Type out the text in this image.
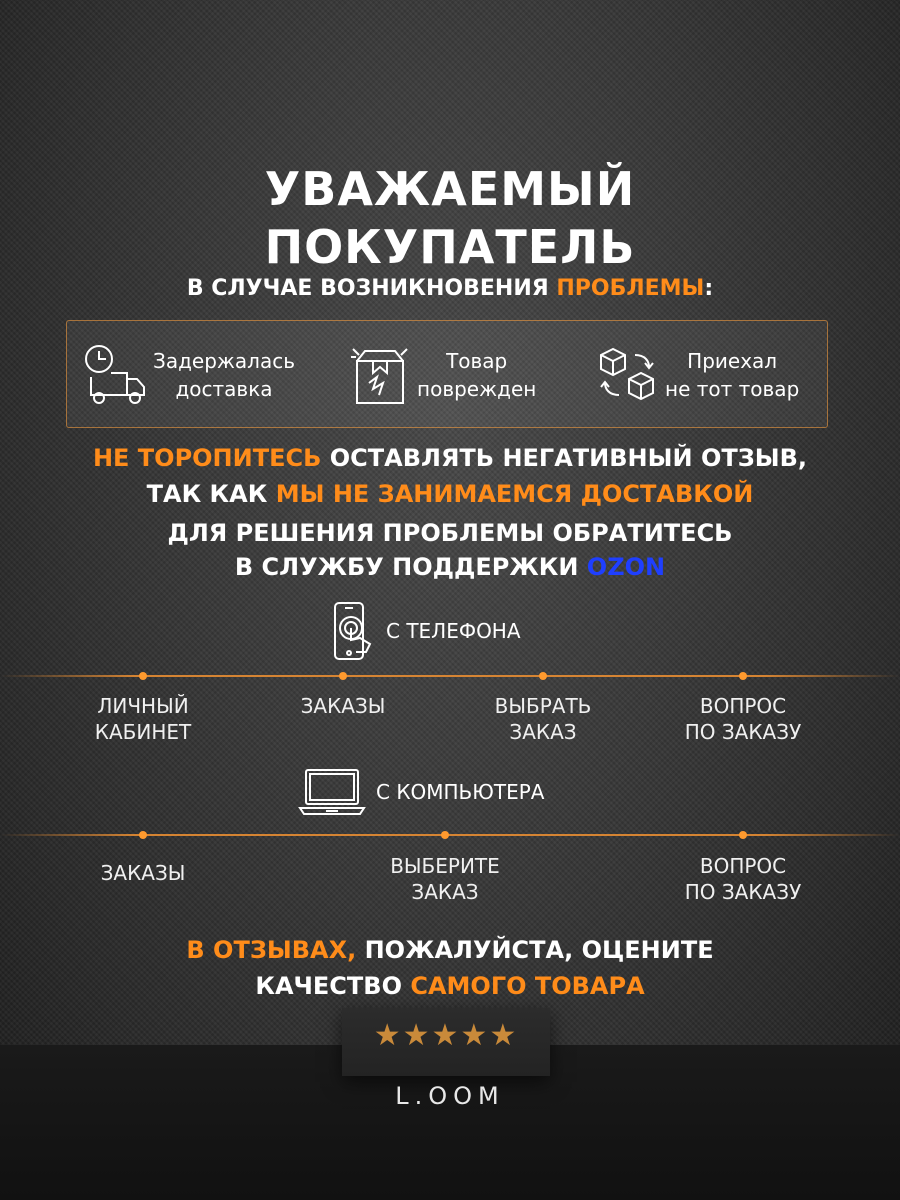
УВАЖАЕМЫЙ
ПОКУПАТЕЛЬ
В СЛУЧАЕ ВОЗНИКНОВЕНИЯ ПРОБЛЕМЫ:
Задержалась
доставка
Товар
поврежден
Приехал
не тот товар
НЕ ТОРОПИТЕСЬ ОСТАВЛЯТЬ НЕГАТИВНЫЙ ОТЗЫВ,
ТАК КАК МЫ НЕ ЗАНИМАЕМСЯ ДОСТАВКОЙ
ДЛЯ РЕШЕНИЯ ПРОБЛЕМЫ ОБРАТИТЕСЬ
В СЛУЖБУ ПОДДЕРЖКИ OZON
С ТЕЛЕФОНА
ЛИЧНЫЙ
КАБИНЕТ
ЗАКАЗЫ	ВЫБРАТЬ
ЗАКАЗ
ВОПРОС
ПО ЗАКАЗУ
С КОМПЬЮТЕРА
ЗАКАЗЫ	ВЫБЕРИТЕ
ЗАКАЗ
ВОПРОС
ПО ЗАКАЗУ
В ОТЗЫВАХ, ПОЖАЛУЙСТА, ОЦЕНИТЕ
КАЧЕСТВО САМОГО ТОВАРА
★★★★★
L.OOM
